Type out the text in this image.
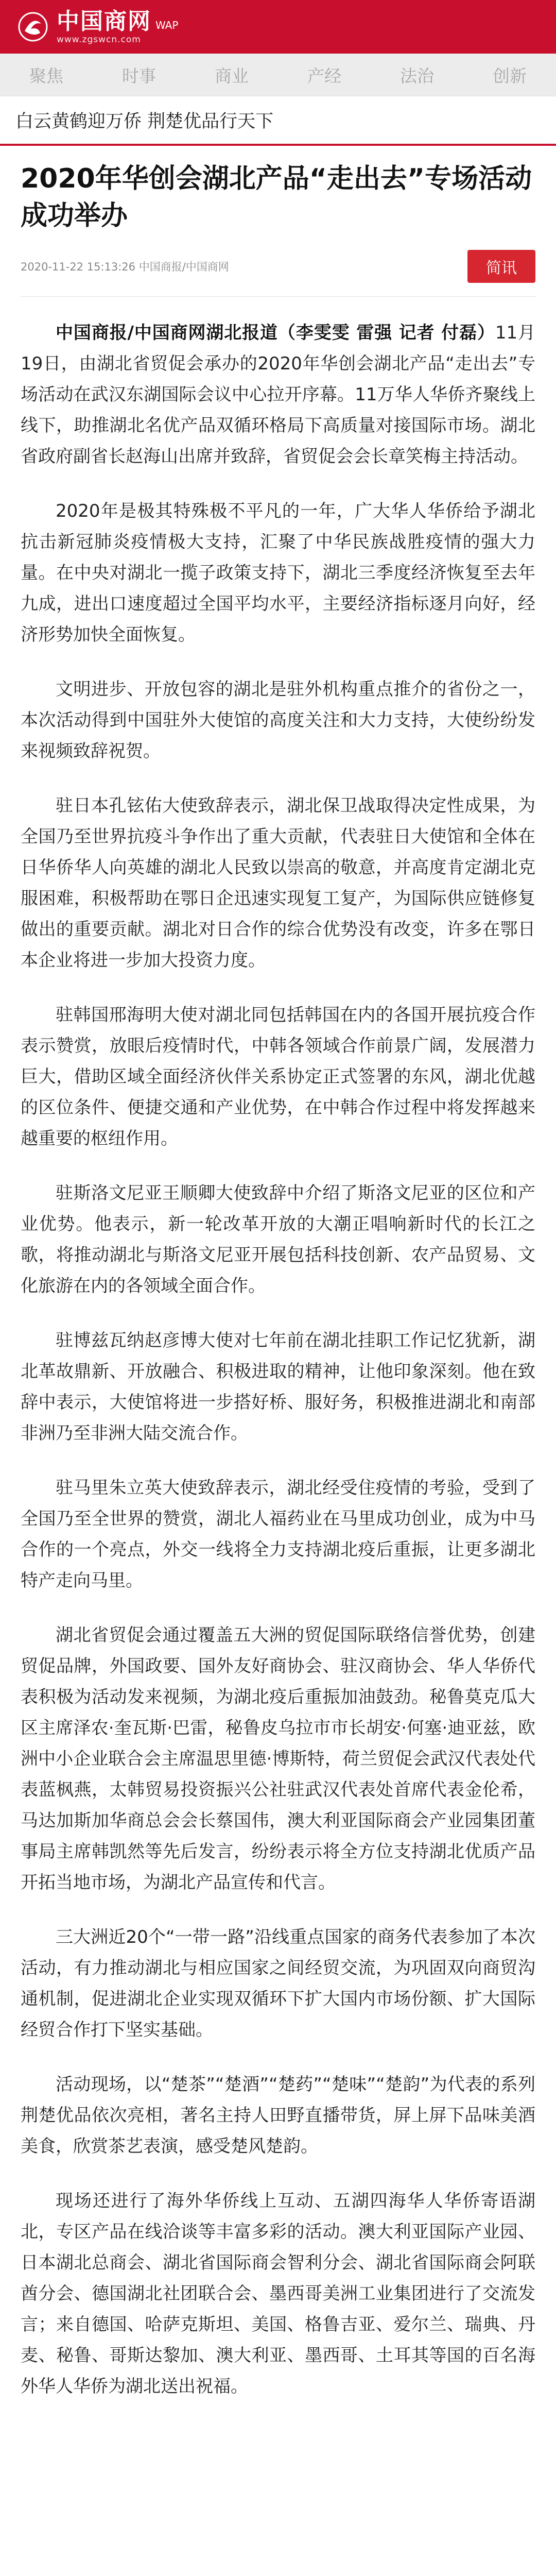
中国商网 WAP
www.zgswcn.com
聚焦	时事	商业	产经	法治	创新
白云黄鹤迎万侨 荆楚优品行天下
2020年华创会湖北产品“走出去”专场活动成功举办
2020-11-22 15:13:26 中国商报/中国商网	简讯

中国商报/中国商网湖北报道（李雯雯 雷强 记者 付磊）11月19日，由湖北省贸促会承办的2020年华创会湖北产品“走出去”专场活动在武汉东湖国际会议中心拉开序幕。11万华人华侨齐聚线上线下，助推湖北名优产品双循环格局下高质量对接国际市场。湖北省政府副省长赵海山出席并致辞，省贸促会会长章笑梅主持活动。

2020年是极其特殊极不平凡的一年，广大华人华侨给予湖北抗击新冠肺炎疫情极大支持，汇聚了中华民族战胜疫情的强大力量。在中央对湖北一揽子政策支持下，湖北三季度经济恢复至去年九成，进出口速度超过全国平均水平，主要经济指标逐月向好，经济形势加快全面恢复。

文明进步、开放包容的湖北是驻外机构重点推介的省份之一，本次活动得到中国驻外大使馆的高度关注和大力支持，大使纷纷发来视频致辞祝贺。

驻日本孔铉佑大使致辞表示，湖北保卫战取得决定性成果，为全国乃至世界抗疫斗争作出了重大贡献，代表驻日大使馆和全体在日华侨华人向英雄的湖北人民致以崇高的敬意，并高度肯定湖北克服困难，积极帮助在鄂日企迅速实现复工复产，为国际供应链修复做出的重要贡献。湖北对日合作的综合优势没有改变，许多在鄂日本企业将进一步加大投资力度。

驻韩国邢海明大使对湖北同包括韩国在内的各国开展抗疫合作表示赞赏，放眼后疫情时代，中韩各领域合作前景广阔，发展潜力巨大，借助区域全面经济伙伴关系协定正式签署的东风，湖北优越的区位条件、便捷交通和产业优势，在中韩合作过程中将发挥越来越重要的枢纽作用。

驻斯洛文尼亚王顺卿大使致辞中介绍了斯洛文尼亚的区位和产业优势。他表示，新一轮改革开放的大潮正唱响新时代的长江之歌，将推动湖北与斯洛文尼亚开展包括科技创新、农产品贸易、文化旅游在内的各领域全面合作。

驻博兹瓦纳赵彦博大使对七年前在湖北挂职工作记忆犹新，湖北革故鼎新、开放融合、积极进取的精神，让他印象深刻。他在致辞中表示，大使馆将进一步搭好桥、服好务，积极推进湖北和南部非洲乃至非洲大陆交流合作。

驻马里朱立英大使致辞表示，湖北经受住疫情的考验，受到了全国乃至全世界的赞赏，湖北人福药业在马里成功创业，成为中马合作的一个亮点，外交一线将全力支持湖北疫后重振，让更多湖北特产走向马里。

湖北省贸促会通过覆盖五大洲的贸促国际联络信誉优势，创建贸促品牌，外国政要、国外友好商协会、驻汉商协会、华人华侨代表积极为活动发来视频，为湖北疫后重振加油鼓劲。秘鲁莫克瓜大区主席泽农·奎瓦斯·巴雷，秘鲁皮乌拉市市长胡安·何塞·迪亚兹，欧洲中小企业联合会主席温思里德·博斯特，荷兰贸促会武汉代表处代表蓝枫燕，太韩贸易投资振兴公社驻武汉代表处首席代表金伦希，马达加斯加华商总会会长蔡国伟，澳大利亚国际商会产业园集团董事局主席韩凯然等先后发言，纷纷表示将全方位支持湖北优质产品开拓当地市场，为湖北产品宣传和代言。

三大洲近20个“一带一路”沿线重点国家的商务代表参加了本次活动，有力推动湖北与相应国家之间经贸交流，为巩固双向商贸沟通机制，促进湖北企业实现双循环下扩大国内市场份额、扩大国际经贸合作打下坚实基础。

活动现场，以“楚茶”“楚酒”“楚药”“楚味”“楚韵”为代表的系列荆楚优品依次亮相，著名主持人田野直播带货，屏上屏下品味美酒美食，欣赏茶艺表演，感受楚风楚韵。

现场还进行了海外华侨线上互动、五湖四海华人华侨寄语湖北，专区产品在线洽谈等丰富多彩的活动。澳大利亚国际产业园、日本湖北总商会、湖北省国际商会智利分会、湖北省国际商会阿联酋分会、德国湖北社团联合会、墨西哥美洲工业集团进行了交流发言；来自德国、哈萨克斯坦、美国、格鲁吉亚、爱尔兰、瑞典、丹麦、秘鲁、哥斯达黎加、澳大利亚、墨西哥、土耳其等国的百名海外华人华侨为湖北送出祝福。
